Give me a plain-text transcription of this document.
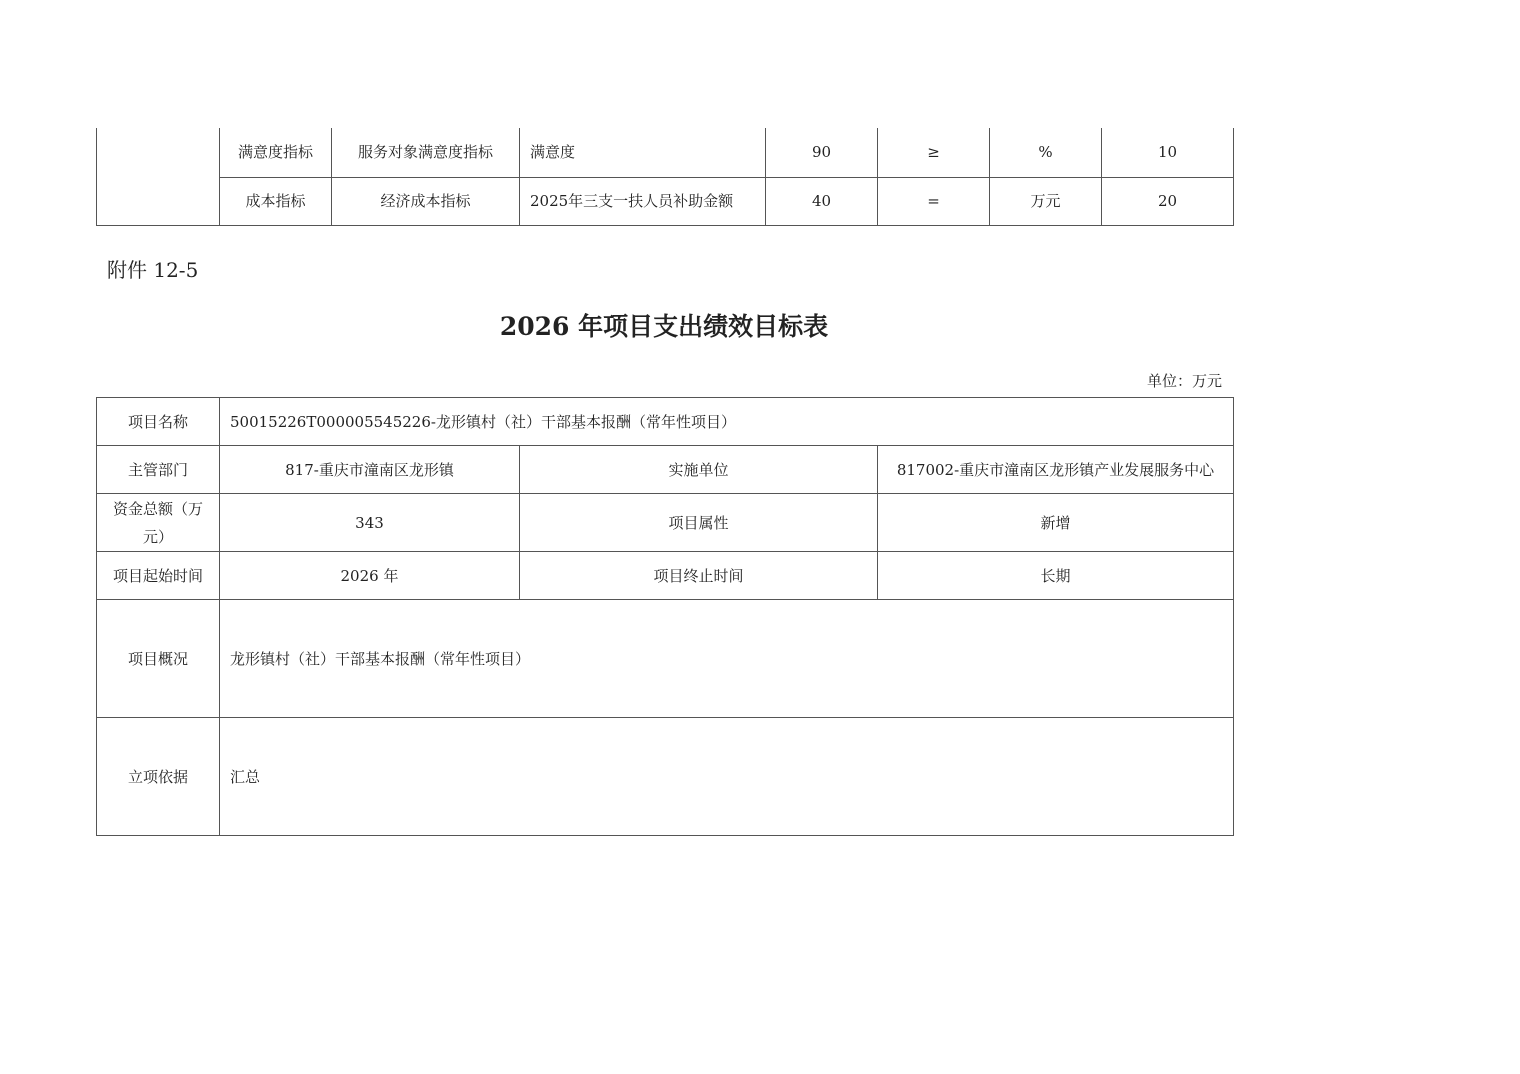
	满意度指标	服务对象满意度指标	满意度	90	≥	%	10
	成本指标	经济成本指标	2025年三支一扶人员补助金额	40	=	万元	20
附件 12-5
2026 年项目支出绩效目标表
单位：万元
项目名称	50015226T000005545226-龙形镇村（社）干部基本报酬（常年性项目）		
主管部门	817-重庆市潼南区龙形镇	实施单位	817002-重庆市潼南区龙形镇产业发展服务中心
资金总额（万元）	343	项目属性	新增
项目起始时间	2026 年	项目终止时间	长期
项目概况	龙形镇村（社）干部基本报酬（常年性项目）		
立项依据	汇总		
